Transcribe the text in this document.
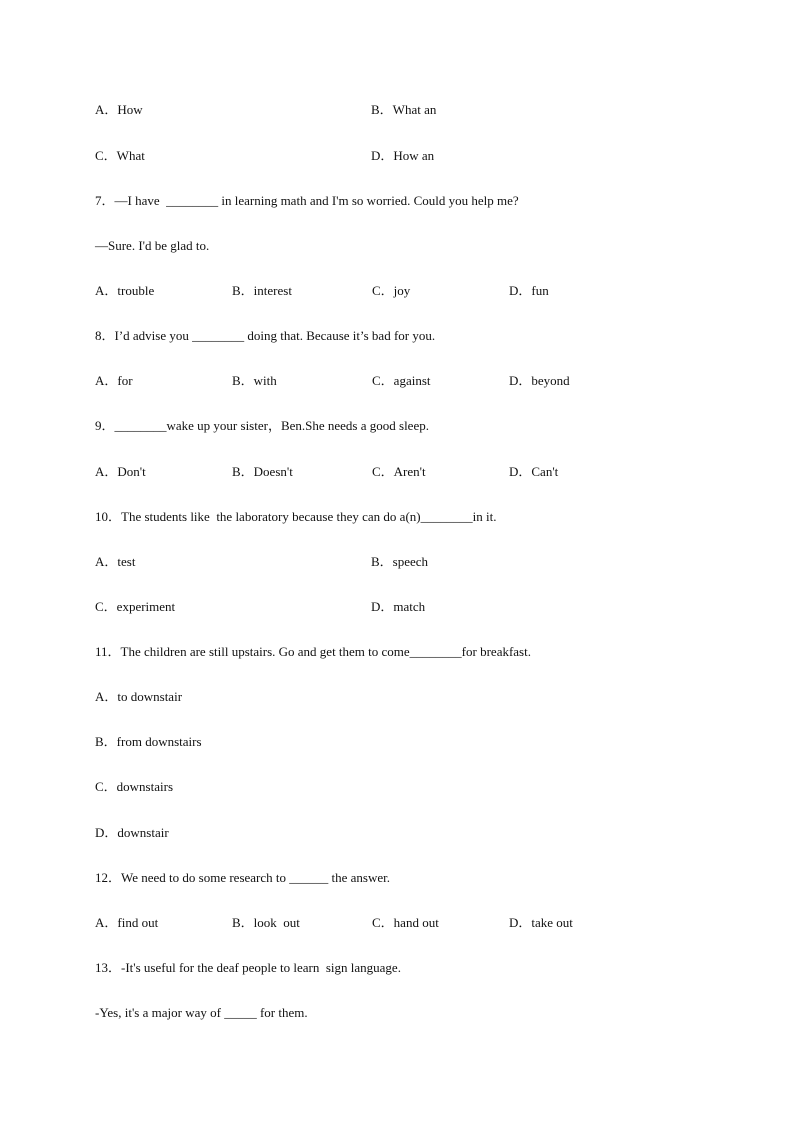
A．How	B．What an
C．What	D．How an
7．—I have  ________ in learning math and I'm so worried. Could you help me?
—Sure. I'd be glad to.
A．trouble	B．interest	C．joy	D．fun
8．I’d advise you ________ doing that. Because it’s bad for you.
A．for	B．with	C．against	D．beyond
9．________wake up your sister，Ben.She needs a good sleep.
A．Don't	B．Doesn't	C．Aren't	D．Can't
10．The students like  the laboratory because they can do a(n)________in it.
A．test	B．speech
C．experiment	D．match
11．The children are still upstairs. Go and get them to come________for breakfast.
A．to downstair
B．from downstairs
C．downstairs
D．downstair
12．We need to do some research to ______ the answer.
A．find out	B．look  out	C．hand out	D．take out
13．-It's useful for the deaf people to learn  sign language.
-Yes, it's a major way of _____ for them.
